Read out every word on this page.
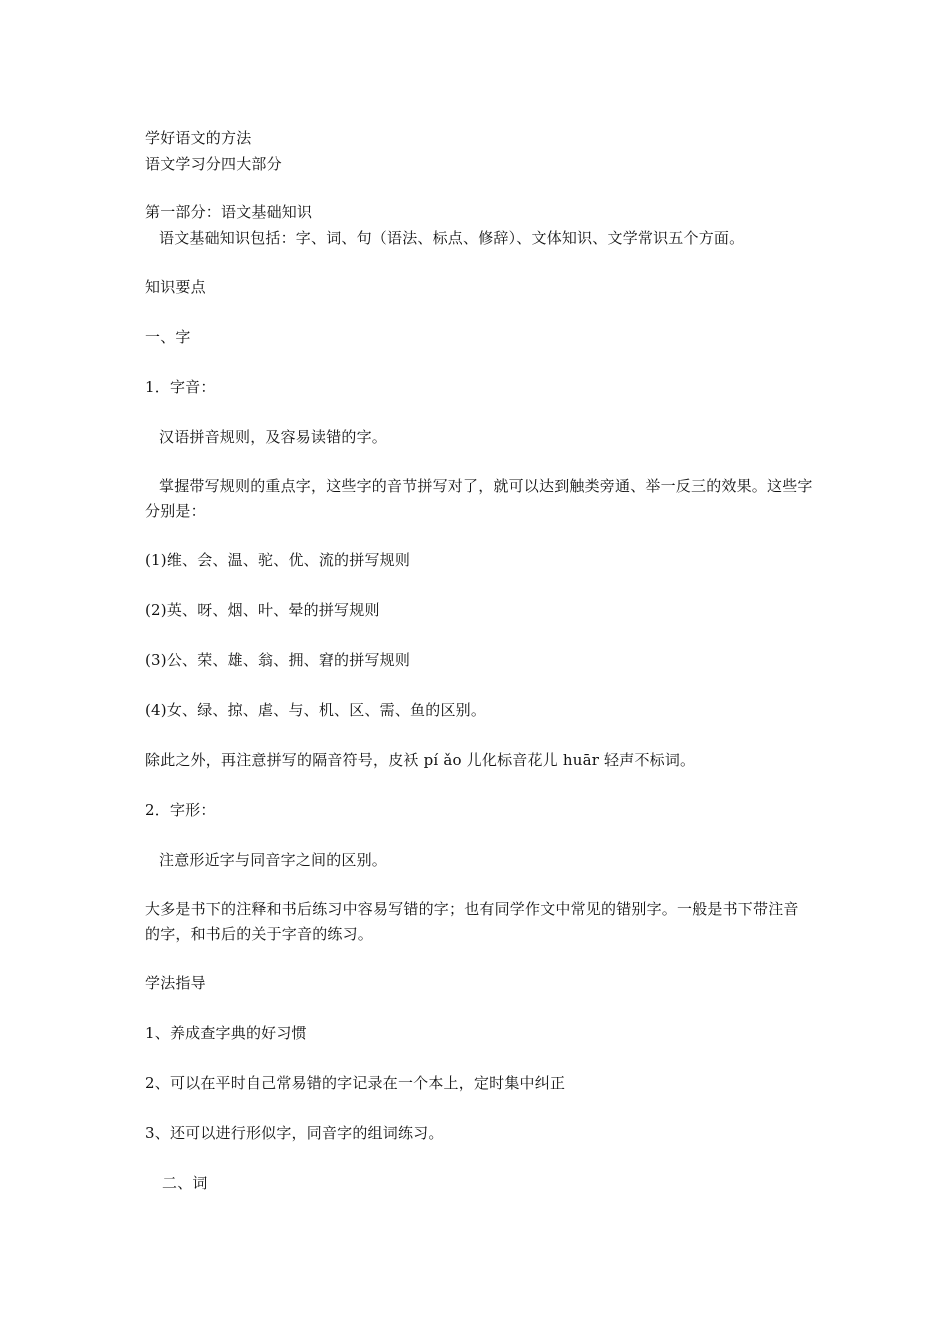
学好语文的方法
语文学习分四大部分
第一部分：语文基础知识
语文基础知识包括：字、词、句（语法、标点、修辞）、文体知识、文学常识五个方面。
知识要点
一、字
1．字音：
汉语拼音规则，及容易读错的字。
掌握带写规则的重点字，这些字的音节拼写对了，就可以达到触类旁通、举一反三的效果。这些字分别是：
(1)维、会、温、驼、优、流的拼写规则
(2)英、呀、烟、叶、晕的拼写规则
(3)公、荣、雄、翁、拥、窘的拼写规则
(4)女、绿、掠、虐、与、机、区、需、鱼的区别。
除此之外，再注意拼写的隔音符号，皮袄 pí ǎo 儿化标音花儿 huār 轻声不标词。
2．字形：
注意形近字与同音字之间的区别。
大多是书下的注释和书后练习中容易写错的字；也有同学作文中常见的错别字。一般是书下带注音的字，和书后的关于字音的练习。
学法指导
1、养成查字典的好习惯
2、可以在平时自己常易错的字记录在一个本上，定时集中纠正
3、还可以进行形似字，同音字的组词练习。
二、词
